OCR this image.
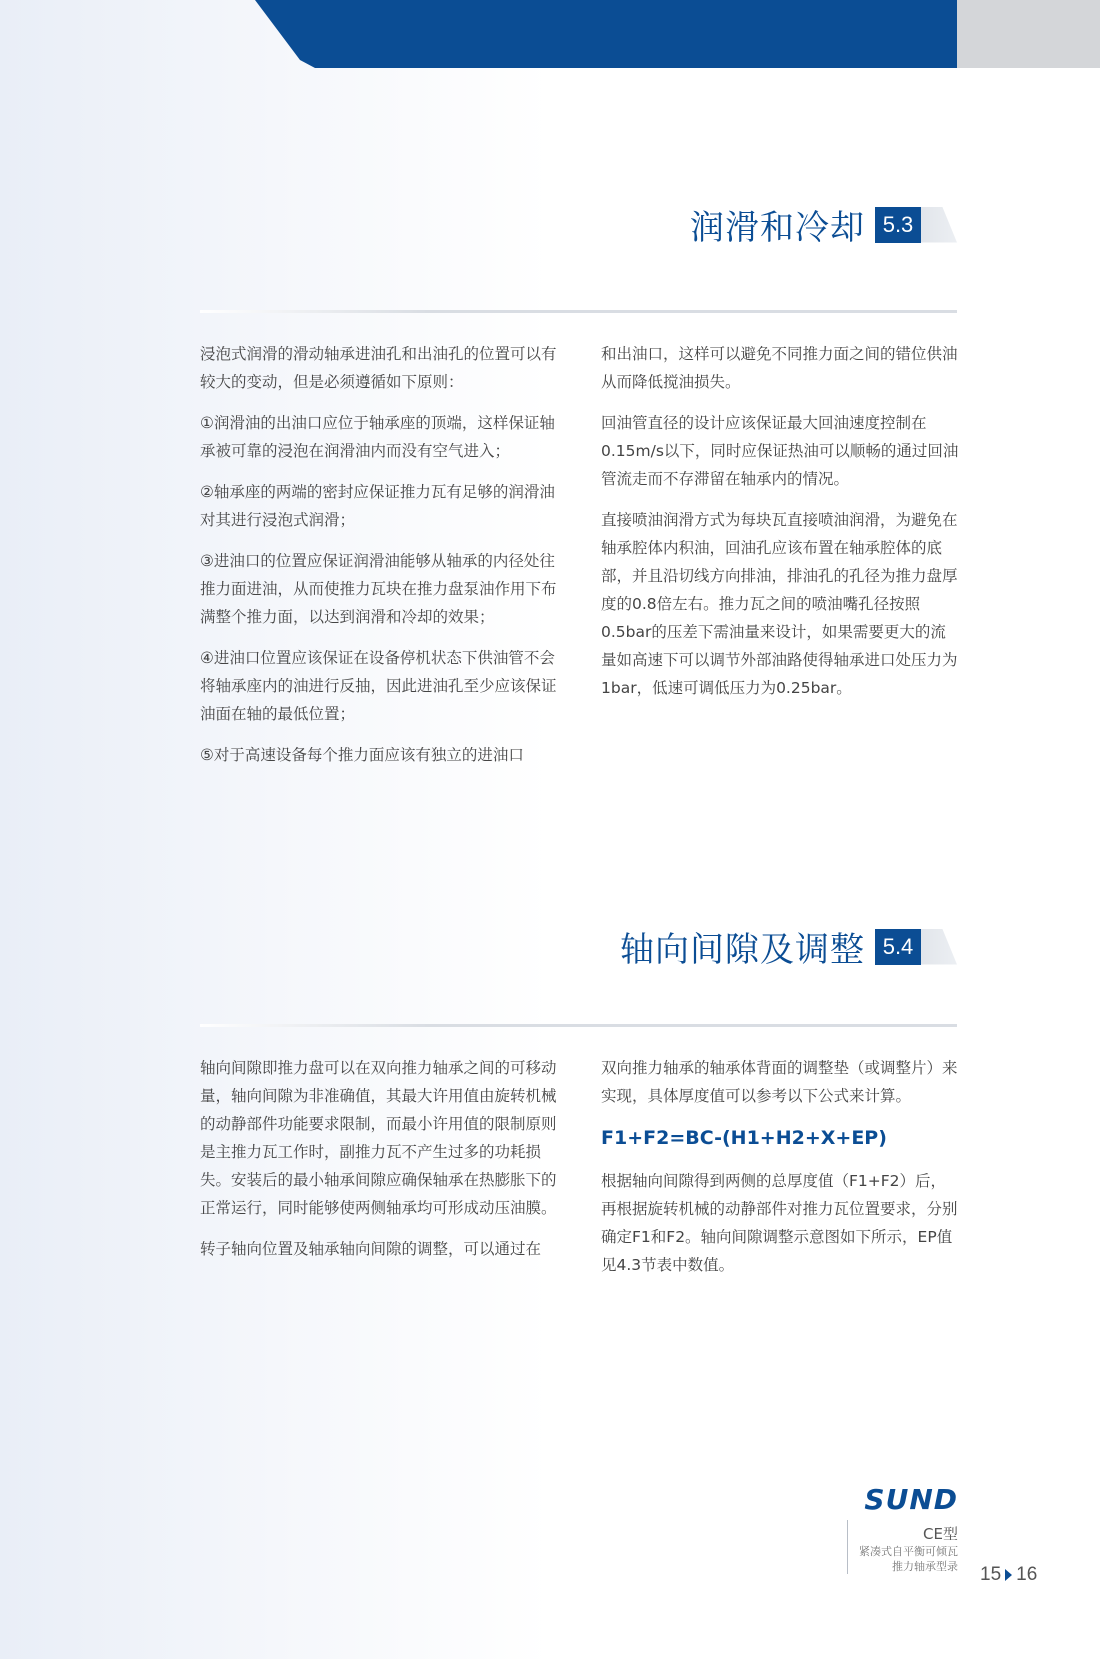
润滑和冷却 5.3

浸泡式润滑的滑动轴承进油孔和出油孔的位置可以有较大的变动，但是必须遵循如下原则：

①润滑油的出油口应位于轴承座的顶端，这样保证轴承被可靠的浸泡在润滑油内而没有空气进入；

②轴承座的两端的密封应保证推力瓦有足够的润滑油对其进行浸泡式润滑；

③进油口的位置应保证润滑油能够从轴承的内径处往推力面进油，从而使推力瓦块在推力盘泵油作用下布满整个推力面，以达到润滑和冷却的效果；

④进油口位置应该保证在设备停机状态下供油管不会将轴承座内的油进行反抽，因此进油孔至少应该保证油面在轴的最低位置；

⑤对于高速设备每个推力面应该有独立的进油口

和出油口，这样可以避免不同推力面之间的错位供油从而降低搅油损失。

回油管直径的设计应该保证最大回油速度控制在0.15m/s以下，同时应保证热油可以顺畅的通过回油管流走而不存滞留在轴承内的情况。

直接喷油润滑方式为每块瓦直接喷油润滑，为避免在轴承腔体内积油，回油孔应该布置在轴承腔体的底部，并且沿切线方向排油，排油孔的孔径为推力盘厚度的0.8倍左右。推力瓦之间的喷油嘴孔径按照0.5bar的压差下需油量来设计，如果需要更大的流量如高速下可以调节外部油路使得轴承进口处压力为1bar，低速可调低压力为0.25bar。

轴向间隙及调整 5.4

轴向间隙即推力盘可以在双向推力轴承之间的可移动量，轴向间隙为非准确值，其最大许用值由旋转机械的动静部件功能要求限制，而最小许用值的限制原则是主推力瓦工作时，副推力瓦不产生过多的功耗损失。安装后的最小轴承间隙应确保轴承在热膨胀下的正常运行，同时能够使两侧轴承均可形成动压油膜。

转子轴向位置及轴承轴向间隙的调整，可以通过在

双向推力轴承的轴承体背面的调整垫（或调整片）来实现，具体厚度值可以参考以下公式来计算。

F1+F2=BC-(H1+H2+X+EP)

根据轴向间隙得到两侧的总厚度值（F1+F2）后，再根据旋转机械的动静部件对推力瓦位置要求，分别确定F1和F2。轴向间隙调整示意图如下所示，EP值见4.3节表中数值。

SUND
CE型
紧凑式自平衡可倾瓦
推力轴承型录 15 16
